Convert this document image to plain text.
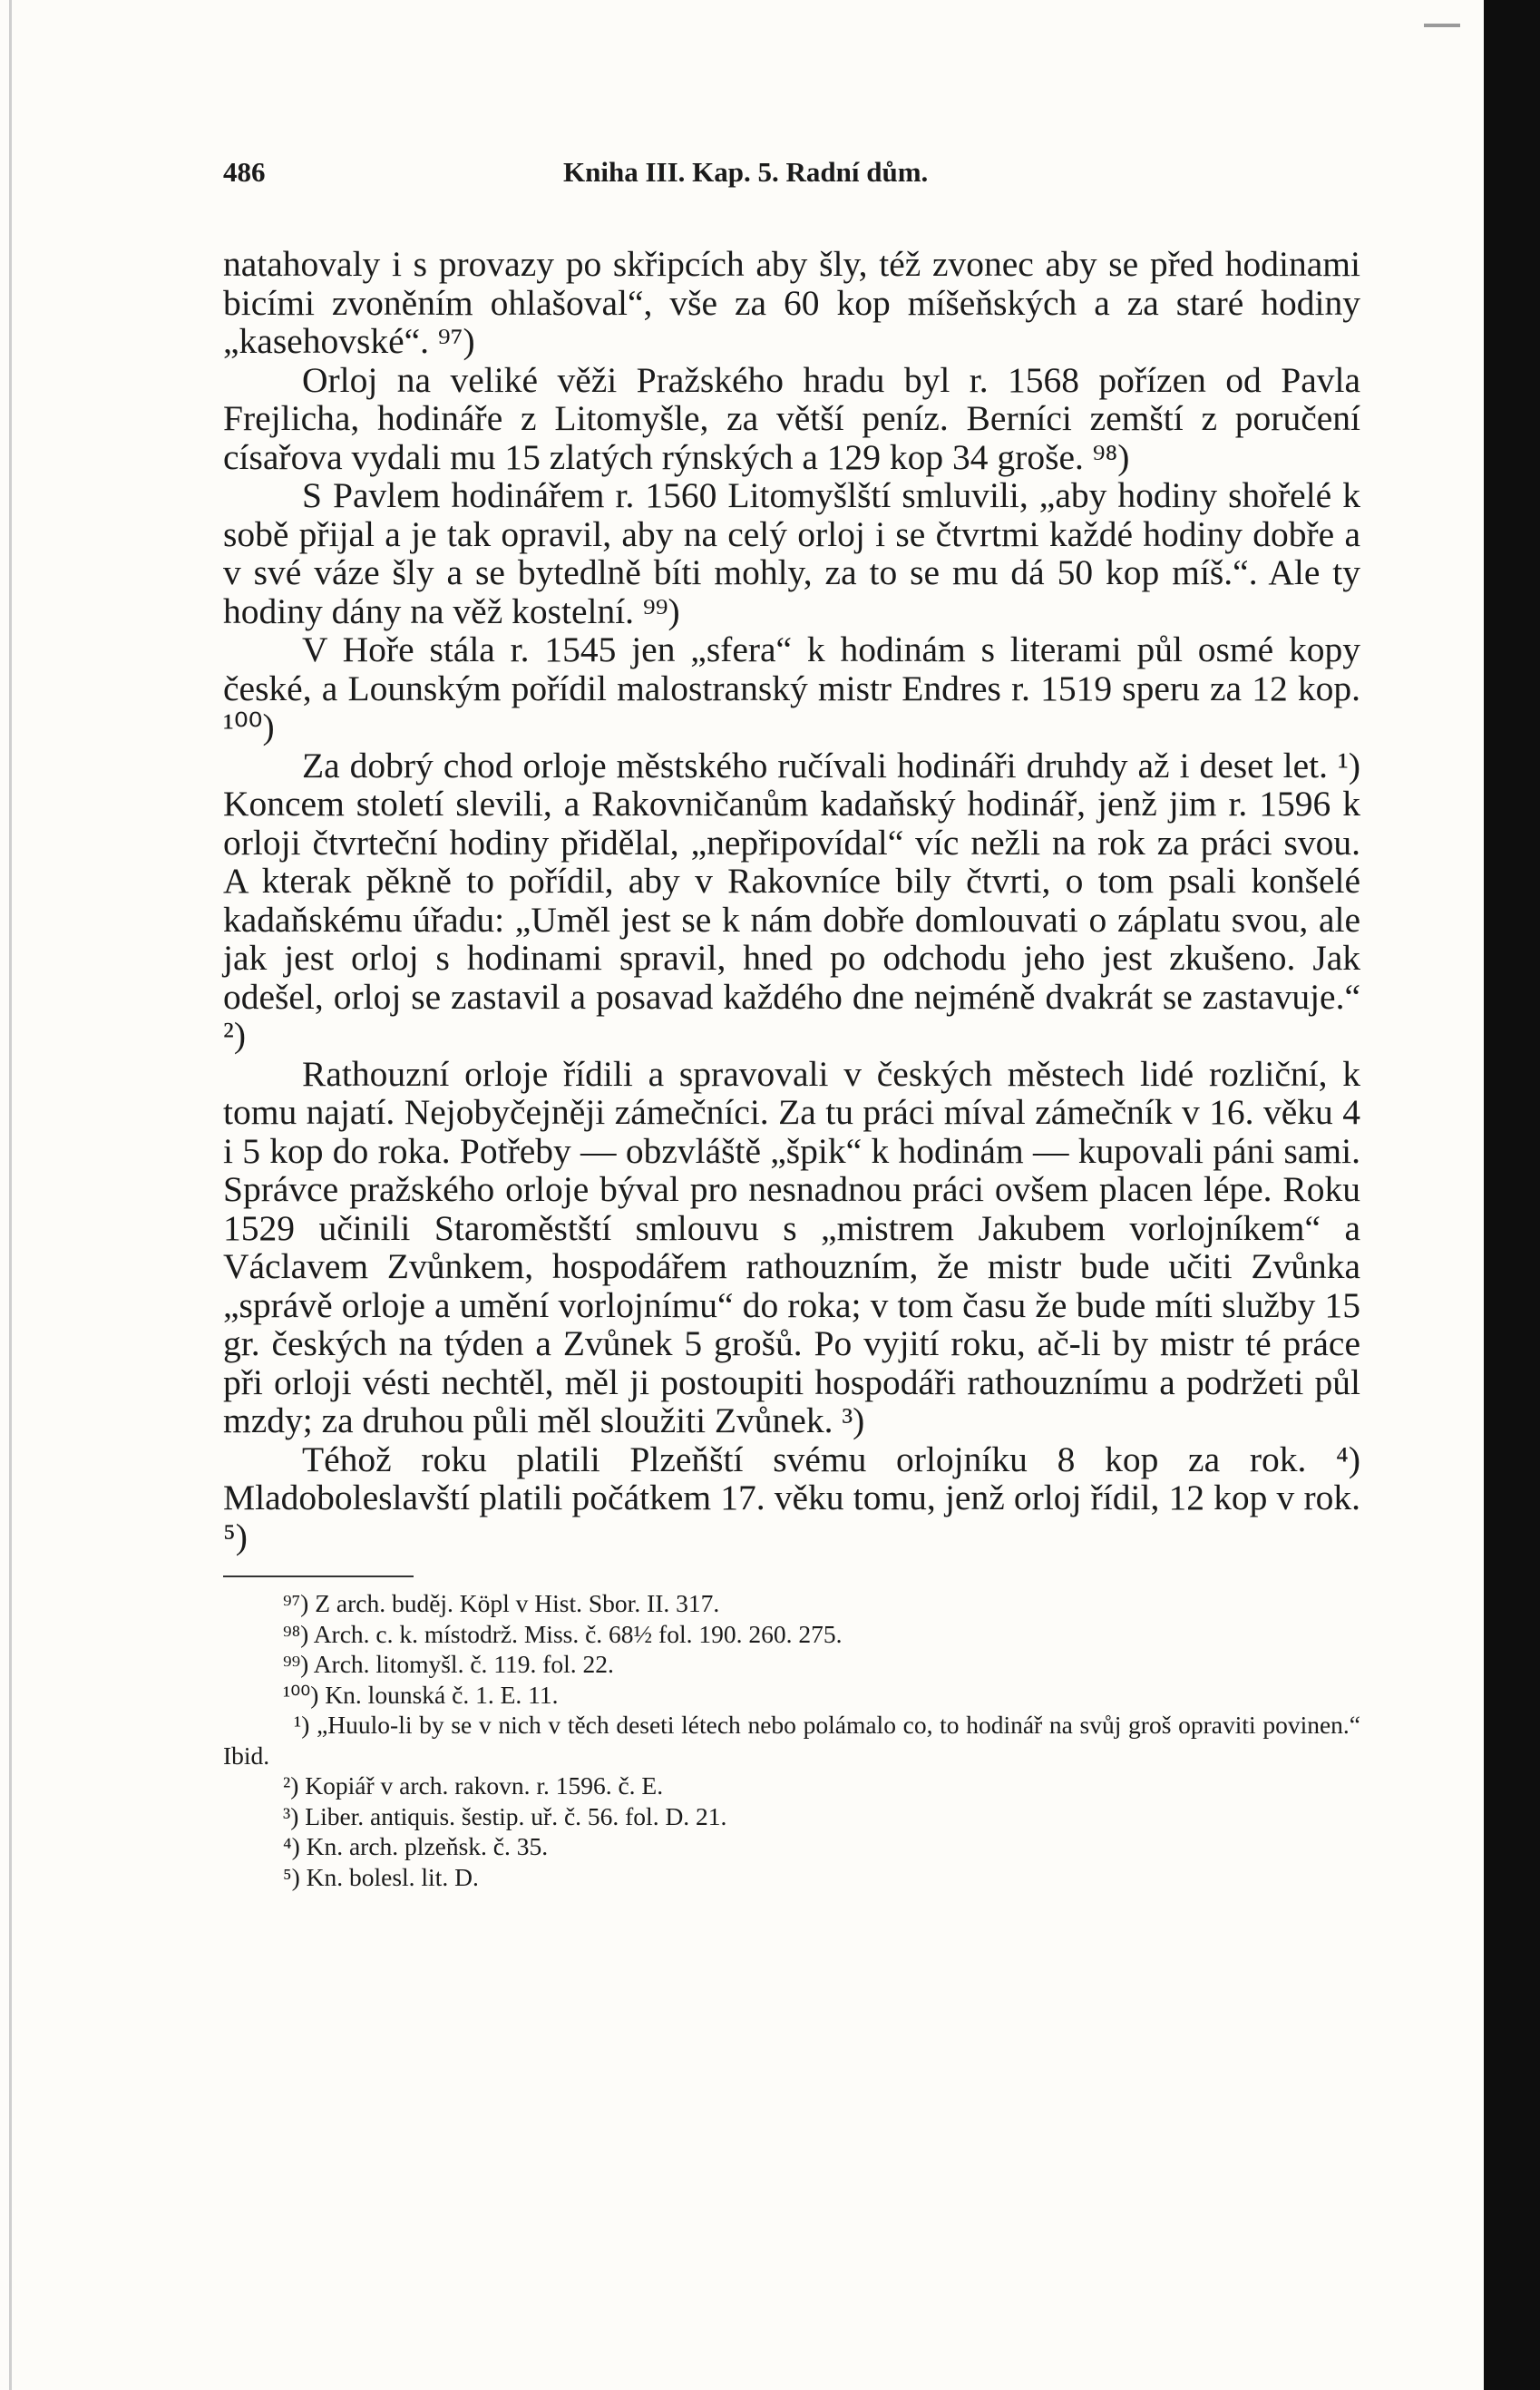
486	Kniha III. Kap. 5. Radní dům.

natahovaly i s provazy po skřipcích aby šly, též zvonec aby se před hodinami bicími zvoněním ohlašoval“, vše za 60 kop míšeňských a za staré hodiny „kasehovské“. ⁹⁷)

Orloj na veliké věži Pražského hradu byl r. 1568 pořízen od Pavla Frejlicha, hodináře z Litomyšle, za větší peníz. Berníci zemští z poručení císařova vydali mu 15 zlatých rýnských a 129 kop 34 groše. ⁹⁸)

S Pavlem hodinářem r. 1560 Litomyšlští smluvili, „aby hodiny shořelé k sobě přijal a je tak opravil, aby na celý orloj i se čtvrtmi každé hodiny dobře a v své váze šly a se bytedlně bíti mohly, za to se mu dá 50 kop míš.“. Ale ty hodiny dány na věž kostelní. ⁹⁹)

V Hoře stála r. 1545 jen „sfera“ k hodinám s literami půl osmé kopy české, a Lounským pořídil malostranský mistr Endres r. 1519 speru za 12 kop. ¹⁰⁰)

Za dobrý chod orloje městského ručívali hodináři druhdy až i deset let. ¹) Koncem století slevili, a Rakovničanům kadaňský hodinář, jenž jim r. 1596 k orloji čtvrteční hodiny přidělal, „nepřipovídal“ víc nežli na rok za práci svou. A kterak pěkně to pořídil, aby v Rakovníce bily čtvrti, o tom psali konšelé kadaňskému úřadu: „Uměl jest se k nám dobře domlouvati o záplatu svou, ale jak jest orloj s hodinami spravil, hned po odchodu jeho jest zkušeno. Jak odešel, orloj se zastavil a posavad každého dne nejméně dvakrát se zastavuje.“ ²)

Rathouzní orloje řídili a spravovali v českých městech lidé rozliční, k tomu najatí. Nejobyčejněji zámečníci. Za tu práci míval zámečník v 16. věku 4 i 5 kop do roka. Potřeby — obzvláště „špik“ k hodinám — kupovali páni sami. Správce pražského orloje býval pro nesnadnou práci ovšem placen lépe. Roku 1529 učinili Staroměstští smlouvu s „mistrem Jakubem vorlojníkem“ a Václavem Zvůnkem, hospodářem rathouzním, že mistr bude učiti Zvůnka „správě orloje a umění vorlojnímu“ do roka; v tom času že bude míti služby 15 gr. českých na týden a Zvůnek 5 grošů. Po vyjití roku, ač-li by mistr té práce při orloji vésti nechtěl, měl ji postoupiti hospodáři rathouznímu a podržeti půl mzdy; za druhou půli měl sloužiti Zvůnek. ³)

Téhož roku platili Plzeňští svému orlojníku 8 kop za rok. ⁴) Mladoboleslavští platili počátkem 17. věku tomu, jenž orloj řídil, 12 kop v rok. ⁵)

⁹⁷) Z arch. buděj. Köpl v Hist. Sbor. II. 317.
⁹⁸) Arch. c. k. místodrž. Miss. č. 68½ fol. 190. 260. 275.
⁹⁹) Arch. litomyšl. č. 119. fol. 22.
¹⁰⁰) Kn. lounská č. 1. E. 11.
¹) „Huulo-li by se v nich v těch deseti létech nebo polámalo co, to hodinář na svůj groš opraviti povinen.“ Ibid.
²) Kopiář v arch. rakovn. r. 1596. č. E.
³) Liber. antiquis. šestip. uř. č. 56. fol. D. 21.
⁴) Kn. arch. plzeňsk. č. 35.
⁵) Kn. bolesl. lit. D.
